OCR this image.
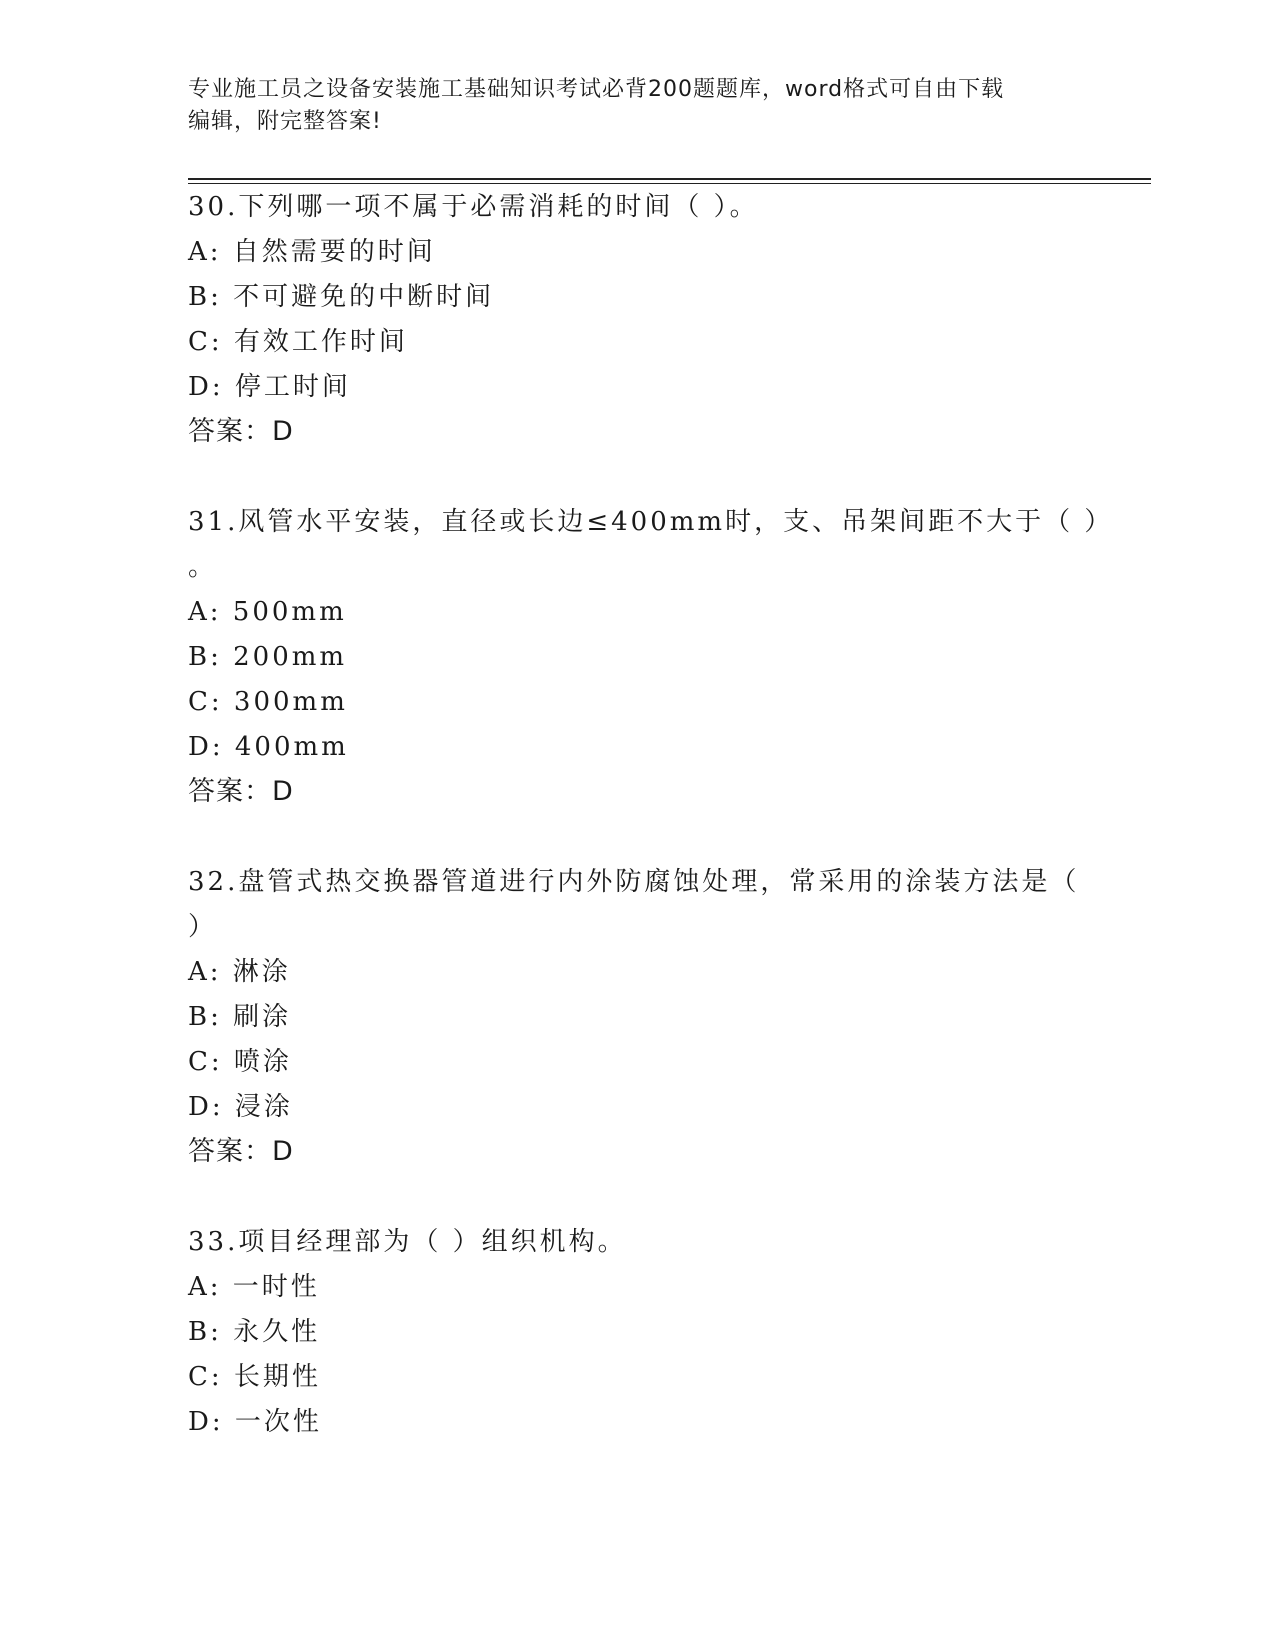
专业施工员之设备安装施工基础知识考试必背200题题库，word格式可自由下载
编辑，附完整答案!
30.下列哪一项不属于必需消耗的时间（ ）。
A: 自然需要的时间
B: 不可避免的中断时间
C: 有效工作时间
D: 停工时间
答案：D
31.风管水平安装，直径或长边≤400mm时，支、吊架间距不大于（ ）
。
A: 500mm
B: 200mm
C: 300mm
D: 400mm
答案：D
32.盘管式热交换器管道进行内外防腐蚀处理，常采用的涂装方法是（
）
A: 淋涂
B: 刷涂
C: 喷涂
D: 浸涂
答案：D
33.项目经理部为（ ）组织机构。
A: 一时性
B: 永久性
C: 长期性
D: 一次性
